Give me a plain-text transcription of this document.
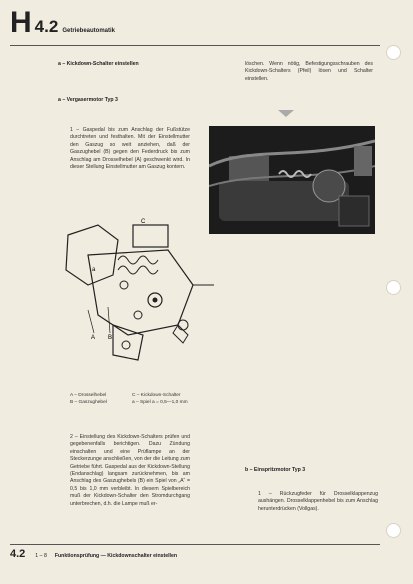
H 4.2 Getriebeautomatik
a – Kickdown-Schalter einstellen
a – Vergasermotor Typ 3
löschen. Wenn nötig, Befestigungsschrauben des Kickdown-Schalters (Pfeil) lösen und Schalter einstellen.
1 – Gaspedal bis zum Anschlag der Fußstütze durchtreten und festhalten. Mit der Einstellmutter den Gaszug so weit anziehen, daß der Gaszughebel (B) gegen den Federdruck bis zum Anschlag am Drosselhebel (A) geschwenkt wird. In dieser Stellung Einstellmutter am Gaszug kontern.
a
C
A B
A – Drosselhebel
B – Gaszughebel
C – Kickdown-Schalter
a – Spiel a = 0,5—1,0 mm
2 – Einstellung des Kickdown-Schalters prüfen und gegebenenfalls berichtigen. Dazu Zündung einschalten und eine Prüflampe an der Steckerzunge anschließen, von der die Leitung zum Getriebe führt. Gaspedal aus der Kickdown-Stellung (Endanschlag) langsam zurücknehmen, bis am Anschlag des Gaszughebels (B) ein Spiel von „A“ = 0,5 bis 1,0 mm verbleibt. In diesem Spielbereich muß der Kickdown-Schalter den Stromdurchgang unterbrechen, d.h. die Lampe muß er-
b – Einspritzmotor Typ 3
1 – Rückzugfeder für Drosselklappenzug aushängen. Drosselklappenhebel bis zum Anschlag herunterdrücken (Vollgas).
4.2 1 – 8 Funktionsprüfung — Kickdownschalter einstellen
